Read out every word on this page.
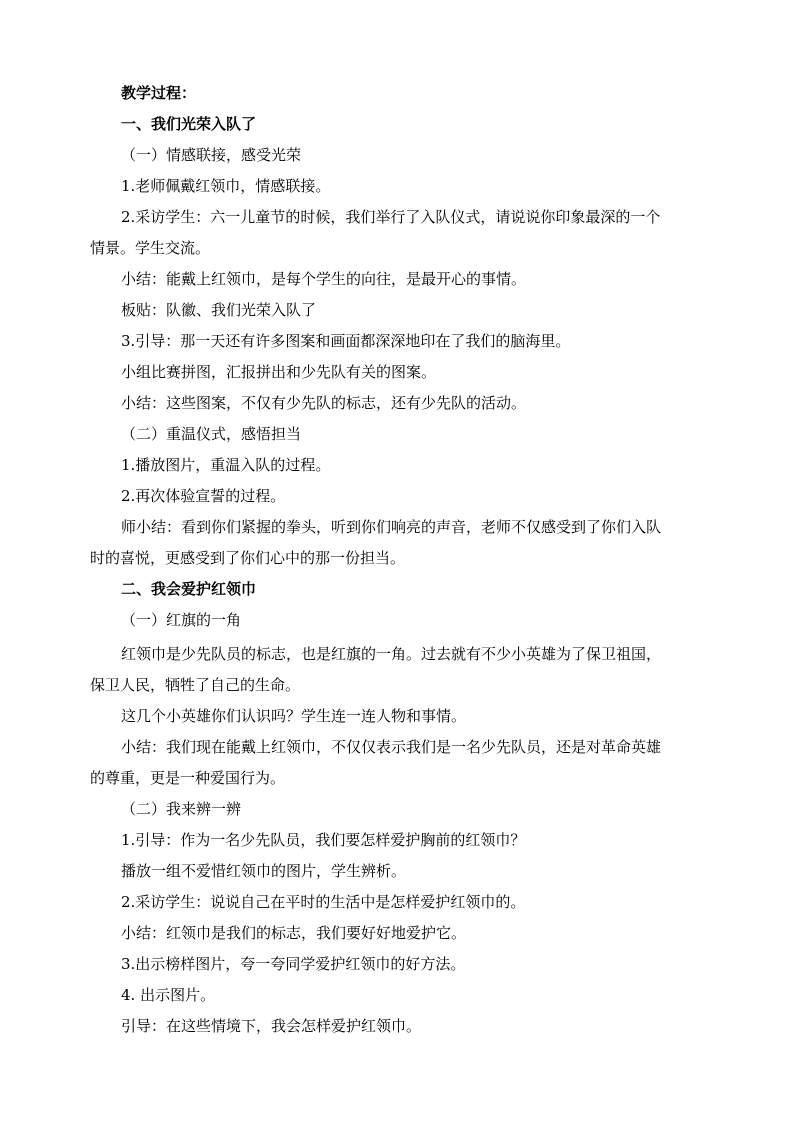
教学过程：
一、我们光荣入队了
（一）情感联接，感受光荣
1.老师佩戴红领巾，情感联接。
2.采访学生：六一儿童节的时候，我们举行了入队仪式，请说说你印象最深的一个
情景。学生交流。
小结：能戴上红领巾，是每个学生的向往，是最开心的事情。
板贴：队徽、我们光荣入队了
3.引导：那一天还有许多图案和画面都深深地印在了我们的脑海里。
小组比赛拼图，汇报拼出和少先队有关的图案。
小结：这些图案，不仅有少先队的标志，还有少先队的活动。
（二）重温仪式，感悟担当
1.播放图片，重温入队的过程。
2.再次体验宣誓的过程。
师小结：看到你们紧握的拳头，听到你们响亮的声音，老师不仅感受到了你们入队
时的喜悦，更感受到了你们心中的那一份担当。
二、我会爱护红领巾
（一）红旗的一角
红领巾是少先队员的标志，也是红旗的一角。过去就有不少小英雄为了保卫祖国，
保卫人民，牺牲了自己的生命。
这几个小英雄你们认识吗？学生连一连人物和事情。
小结：我们现在能戴上红领巾，不仅仅表示我们是一名少先队员，还是对革命英雄
的尊重，更是一种爱国行为。
（二）我来辨一辨
1.引导：作为一名少先队员，我们要怎样爱护胸前的红领巾？
播放一组不爱惜红领巾的图片，学生辨析。
2.采访学生：说说自己在平时的生活中是怎样爱护红领巾的。
小结：红领巾是我们的标志，我们要好好地爱护它。
3.出示榜样图片，夸一夸同学爱护红领巾的好方法。
4. 出示图片。
引导：在这些情境下，我会怎样爱护红领巾。
